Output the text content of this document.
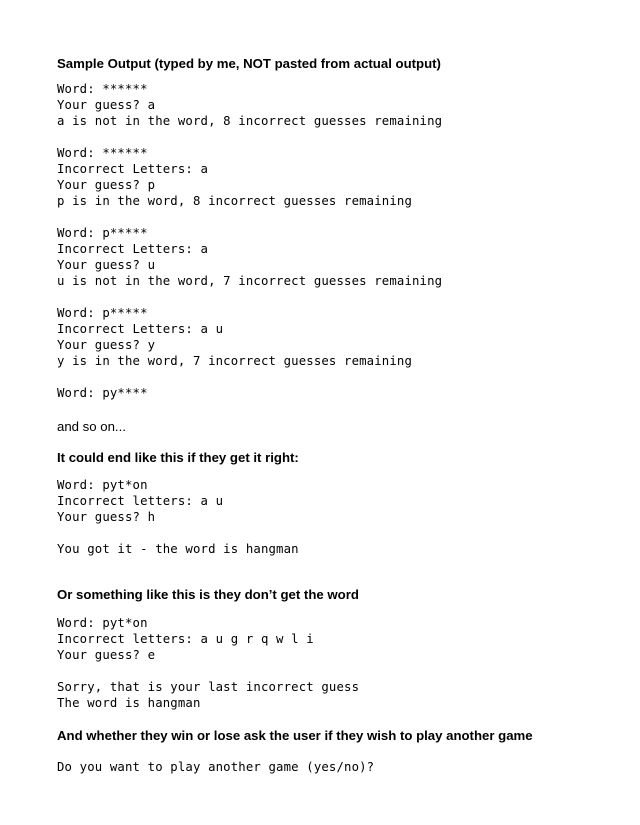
Sample Output (typed by me, NOT pasted from actual output)

Word: ******

Your guess? a

a is not in the word, 8 incorrect guesses remaining

Word: ******

Incorrect Letters: a

Your guess? p

p is in the word, 8 incorrect guesses remaining

Word: p*****

Incorrect Letters: a

Your guess? u

u is not in the word, 7 incorrect guesses remaining

Word: p*****

Incorrect Letters: a u

Your guess? y

y is in the word, 7 incorrect guesses remaining

Word: py****

and so on...

It could end like this if they get it right:

Word: pyt*on

Incorrect letters: a u

Your guess? h

You got it - the word is hangman

Or something like this is they don’t get the word

Word: pyt*on

Incorrect letters: a u g r q w l i

Your guess? e

Sorry, that is your last incorrect guess

The word is hangman

And whether they win or lose ask the user if they wish to play another game

Do you want to play another game (yes/no)?
